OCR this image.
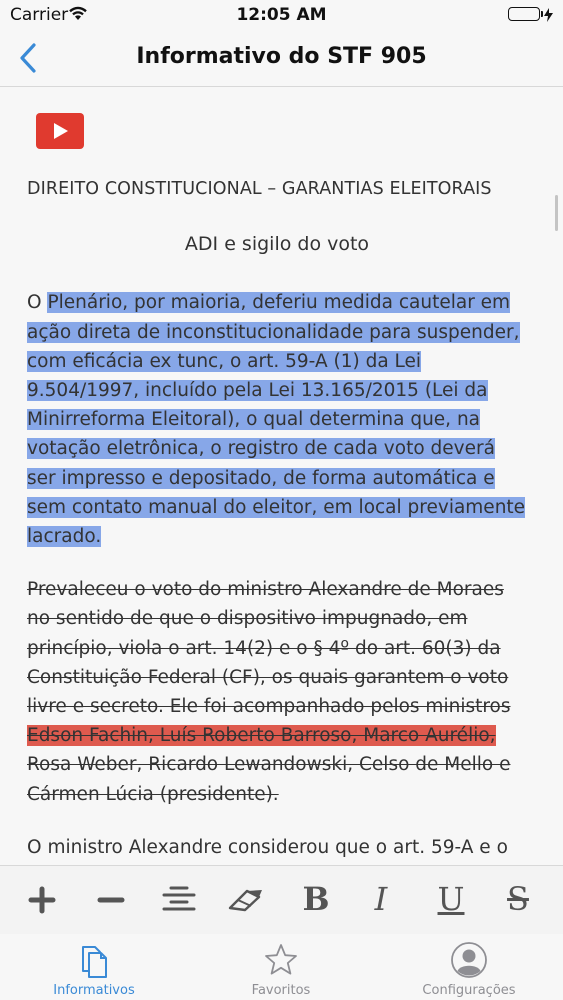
Carrier	12:05 AM
Informativo do STF 905
DIREITO CONSTITUCIONAL – GARANTIAS ELEITORAIS
ADI e sigilo do voto

O Plenário, por maioria, deferiu medida cautelar em ação direta de inconstitucionalidade para suspender, com eficácia ex tunc, o art. 59-A (1) da Lei 9.504/1997, incluído pela Lei 13.165/2015 (Lei da Minirreforma Eleitoral), o qual determina que, na votação eletrônica, o registro de cada voto deverá ser impresso e depositado, de forma automática e sem contato manual do eleitor, em local previamente lacrado.

Prevaleceu o voto do ministro Alexandre de Moraes no sentido de que o dispositivo impugnado, em princípio, viola o art. 14(2) e o § 4º do art. 60(3) da Constituição Federal (CF), os quais garantem o voto livre e secreto. Ele foi acompanhado pelos ministros Edson Fachin, Luís Roberto Barroso, Marco Aurélio, Rosa Weber, Ricardo Lewandowski, Celso de Mello e Cármen Lúcia (presidente).

O ministro Alexandre considerou que o art. 59-A e o

B	I	U	S
Informativos	Favoritos	Configurações
